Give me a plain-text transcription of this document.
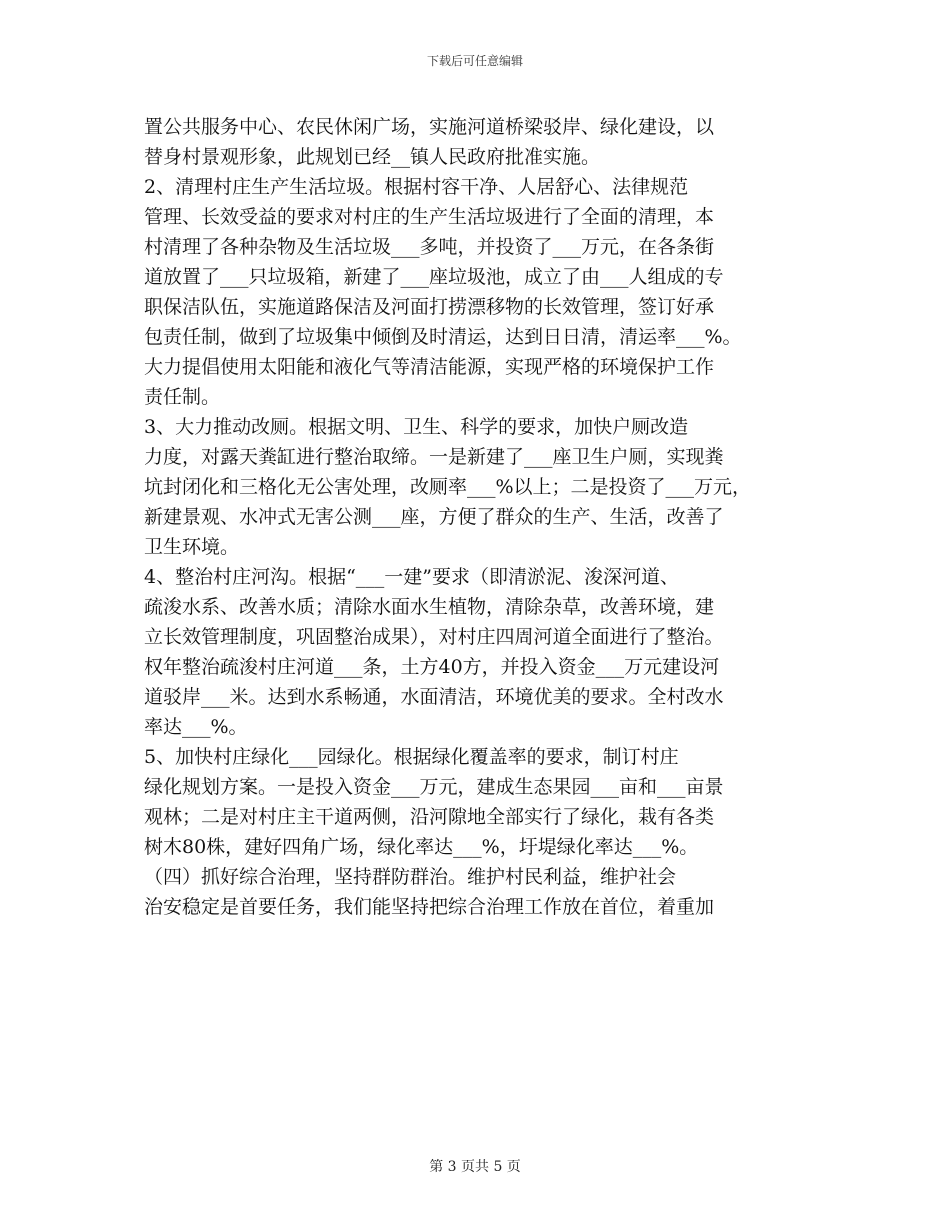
下载后可任意编辑
置公共服务中心、农民休闲广场，实施河道桥梁驳岸、绿化建设，以
替身村景观形象，此规划已经__镇人民政府批准实施。
2、清理村庄生产生活垃圾。根据村容干净、人居舒心、法律规范
管理、长效受益的要求对村庄的生产生活垃圾进行了全面的清理，本
村清理了各种杂物及生活垃圾___多吨，并投资了___万元，在各条街
道放置了___只垃圾箱，新建了___座垃圾池，成立了由___人组成的专
职保洁队伍，实施道路保洁及河面打捞漂移物的长效管理，签订好承
包责任制，做到了垃圾集中倾倒及时清运，达到日日清，清运率___%。
大力提倡使用太阳能和液化气等清洁能源，实现严格的环境保护工作
责任制。
3、大力推动改厕。根据文明、卫生、科学的要求，加快户厕改造
力度，对露天粪缸进行整治取缔。一是新建了___座卫生户厕，实现粪
坑封闭化和三格化无公害处理，改厕率___%以上；二是投资了___万元，
新建景观、水冲式无害公测___座，方便了群众的生产、生活，改善了
卫生环境。
4、整治村庄河沟。根据“___一建”要求（即清淤泥、浚深河道、
疏浚水系、改善水质；清除水面水生植物，清除杂草，改善环境，建
立长效管理制度，巩固整治成果），对村庄四周河道全面进行了整治。
权年整治疏浚村庄河道___条，土方40方，并投入资金___万元建设河
道驳岸___米。达到水系畅通，水面清洁，环境优美的要求。全村改水
率达___%。
5、加快村庄绿化___园绿化。根据绿化覆盖率的要求，制订村庄
绿化规划方案。一是投入资金___万元，建成生态果园___亩和___亩景
观林；二是对村庄主干道两侧，沿河隙地全部实行了绿化，栽有各类
树木80株，建好四角广场，绿化率达___%，圩堤绿化率达___%。
（四）抓好综合治理，坚持群防群治。维护村民利益，维护社会
治安稳定是首要任务，我们能坚持把综合治理工作放在首位，着重加
第 3 页共 5 页
